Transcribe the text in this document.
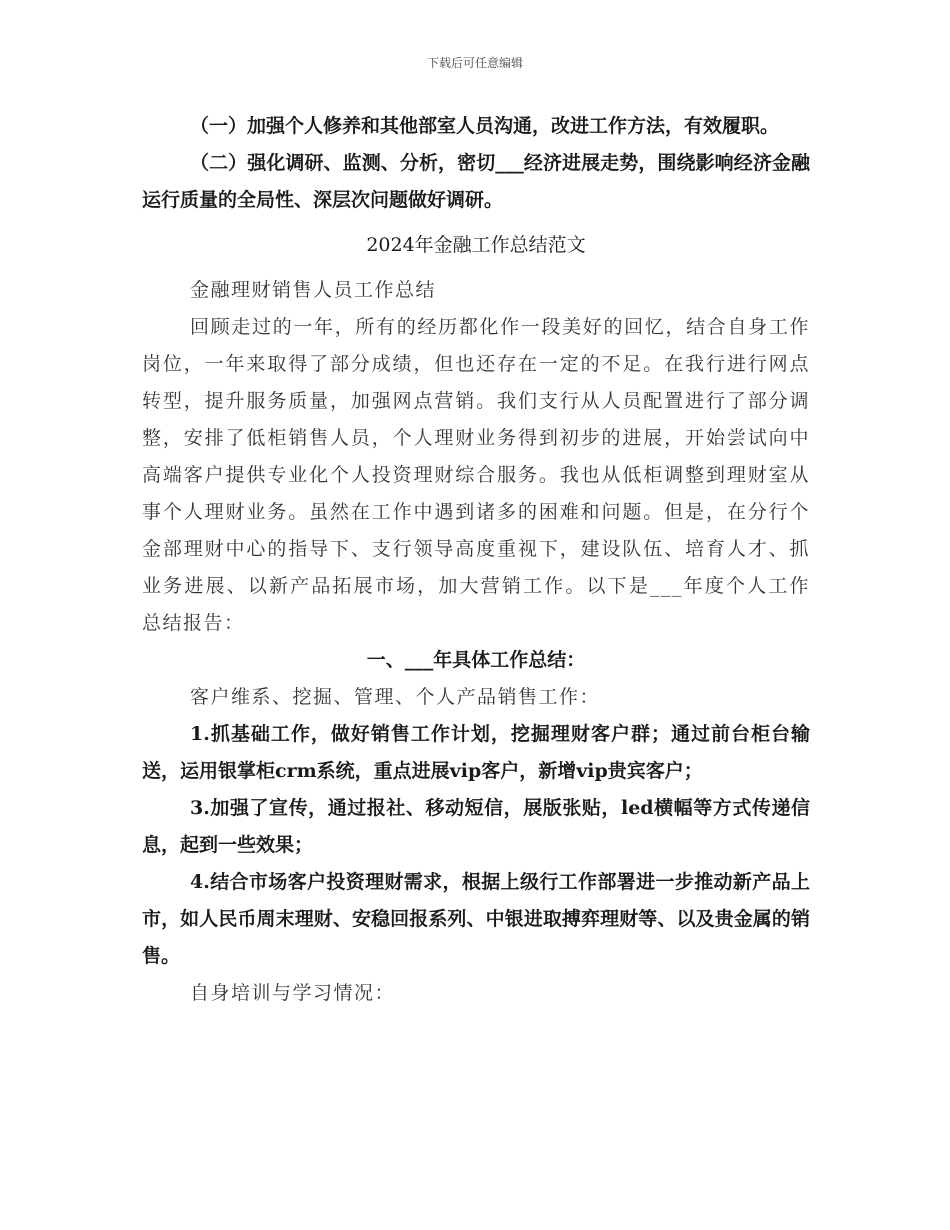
下载后可任意编辑

（一）加强个人修养和其他部室人员沟通，改进工作方法，有效履职。

（二）强化调研、监测、分析，密切___经济进展走势，围绕影响经济金融运行质量的全局性、深层次问题做好调研。

2024年金融工作总结范文

金融理财销售人员工作总结

回顾走过的一年，所有的经历都化作一段美好的回忆，结合自身工作岗位，一年来取得了部分成绩，但也还存在一定的不足。在我行进行网点转型，提升服务质量，加强网点营销。我们支行从人员配置进行了部分调整，安排了低柜销售人员，个人理财业务得到初步的进展，开始尝试向中高端客户提供专业化个人投资理财综合服务。我也从低柜调整到理财室从事个人理财业务。虽然在工作中遇到诸多的困难和问题。但是，在分行个金部理财中心的指导下、支行领导高度重视下，建设队伍、培育人才、抓业务进展、以新产品拓展市场，加大营销工作。以下是___年度个人工作总结报告：

一、___年具体工作总结：

客户维系、挖掘、管理、个人产品销售工作：

1.抓基础工作，做好销售工作计划，挖掘理财客户群；通过前台柜台输送，运用银掌柜crm系统，重点进展vip客户，新增vip贵宾客户；

3.加强了宣传，通过报社、移动短信，展版张贴，led横幅等方式传递信息，起到一些效果；

4.结合市场客户投资理财需求，根据上级行工作部署进一步推动新产品上市，如人民币周末理财、安稳回报系列、中银进取搏弈理财等、以及贵金属的销售。

自身培训与学习情况：
